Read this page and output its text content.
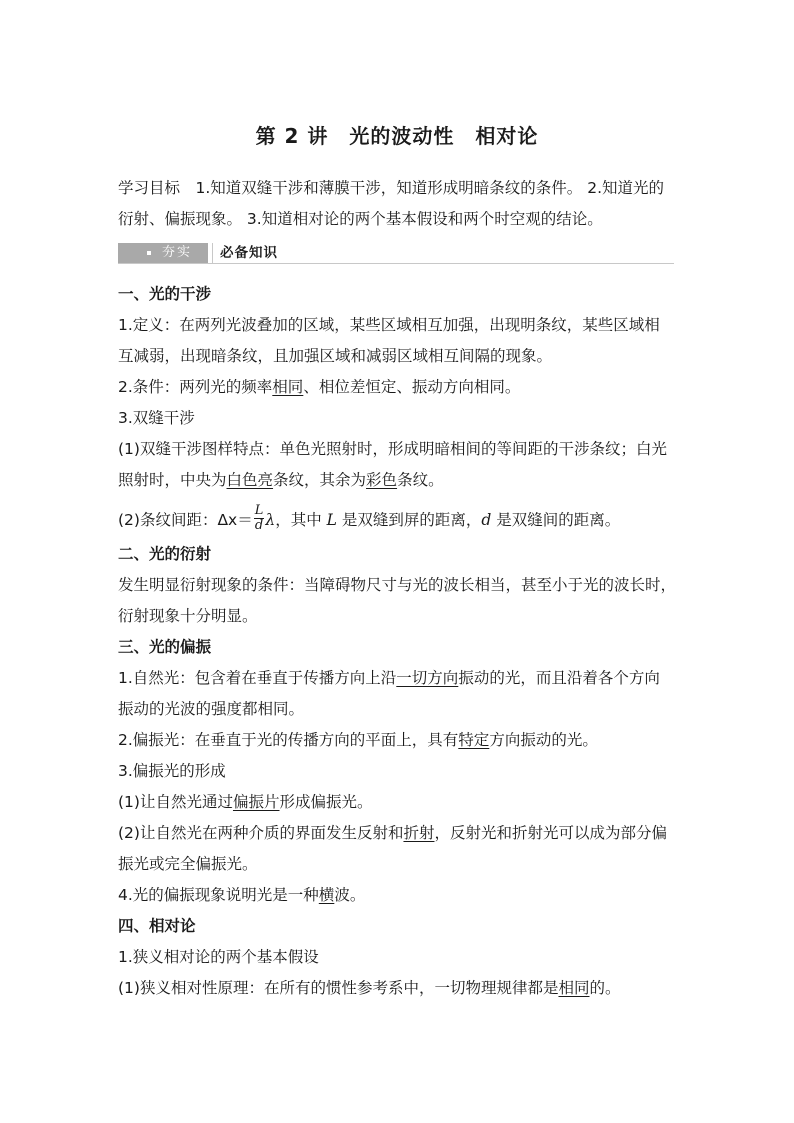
第 2 讲　光的波动性　相对论
学习目标　1.知道双缝干涉和薄膜干涉，知道形成明暗条纹的条件。 2.知道光的
衍射、偏振现象。 3.知道相对论的两个基本假设和两个时空观的结论。
夯实 必备知识
一、光的干涉
1.定义：在两列光波叠加的区域，某些区域相互加强，出现明条纹，某些区域相
互减弱，出现暗条纹，且加强区域和减弱区域相互间隔的现象。
2.条件：两列光的频率相同、相位差恒定、振动方向相同。
3.双缝干涉
(1)双缝干涉图样特点：单色光照射时，形成明暗相间的等间距的干涉条纹；白光
照射时，中央为白色亮条纹，其余为彩色条纹。
(2)条纹间距：$\Delta x= \frac{L}{d}$ λ，其中 L 是双缝到屏的距离，d 是双缝间的距离。
二、光的衍射
发生明显衍射现象的条件：当障碍物尺寸与光的波长相当，甚至小于光的波长时，
衍射现象十分明显。
三、光的偏振
1.自然光：包含着在垂直于传播方向上沿一切方向振动的光，而且沿着各个方向
振动的光波的强度都相同。
2.偏振光：在垂直于光的传播方向的平面上，具有特定方向振动的光。
3.偏振光的形成
(1)让自然光通过偏振片形成偏振光。
(2)让自然光在两种介质的界面发生反射和折射，反射光和折射光可以成为部分偏
振光或完全偏振光。
4.光的偏振现象说明光是一种横波。
四、相对论
1.狭义相对论的两个基本假设
(1)狭义相对性原理：在所有的惯性参考系中，一切物理规律都是相同的。
